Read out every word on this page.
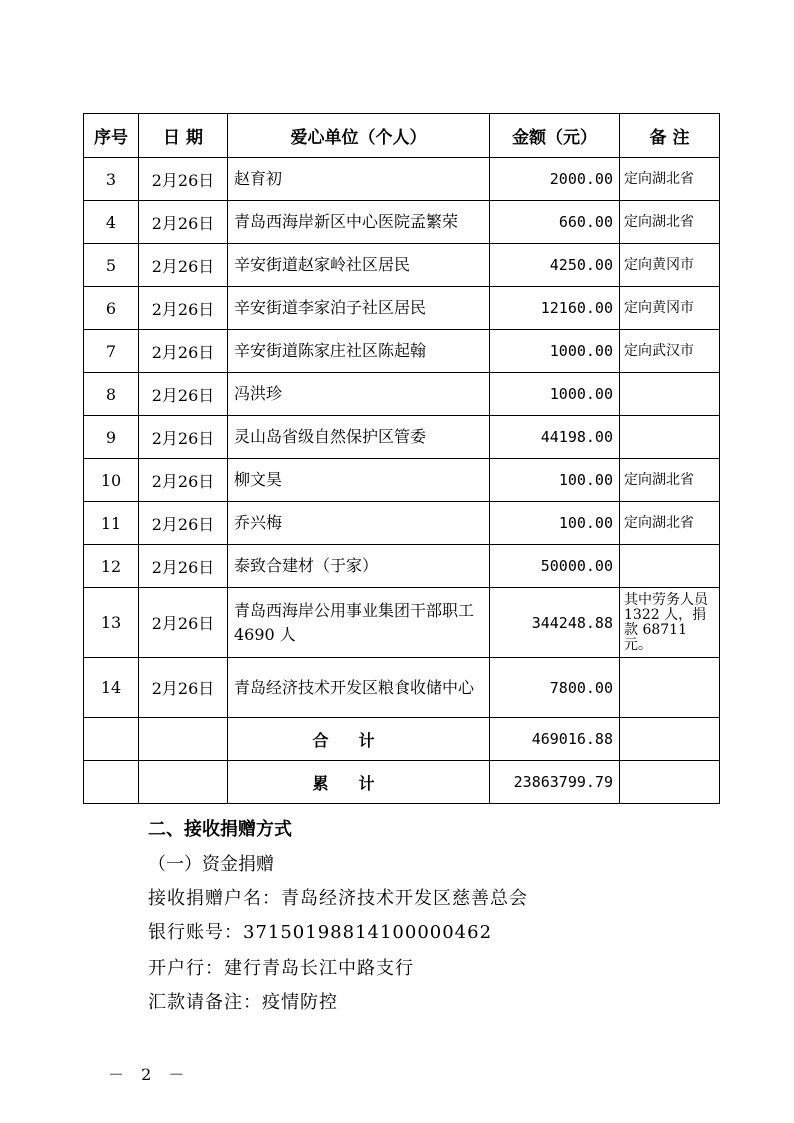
序号	日 期	爱心单位（个人）	金额（元）	备 注
3	2月26日	赵育初	2000.00	定向湖北省
4	2月26日	青岛西海岸新区中心医院孟繁荣	660.00	定向湖北省
5	2月26日	辛安街道赵家岭社区居民	4250.00	定向黄冈市
6	2月26日	辛安街道李家泊子社区居民	12160.00	定向黄冈市
7	2月26日	辛安街道陈家庄社区陈起翰	1000.00	定向武汉市
8	2月26日	冯洪珍	1000.00	
9	2月26日	灵山岛省级自然保护区管委	44198.00	
10	2月26日	柳文昊	100.00	定向湖北省
11	2月26日	乔兴梅	100.00	定向湖北省
12	2月26日	泰致合建材（于家）	50000.00	
13	2月26日	青岛西海岸公用事业集团干部职工 4690 人	344248.88	其中劳务人员 1322 人，捐款 68711 元。
14	2月26日	青岛经济技术开发区粮食收储中心	7800.00	
		合计	469016.88	
		累计	23863799.79	
二、接收捐赠方式
（一）资金捐赠
接收捐赠户名：青岛经济技术开发区慈善总会
银行账号：37150198814100000462
开户行：建行青岛长江中路支行
汇款请备注：疫情防控
－ 2 －
